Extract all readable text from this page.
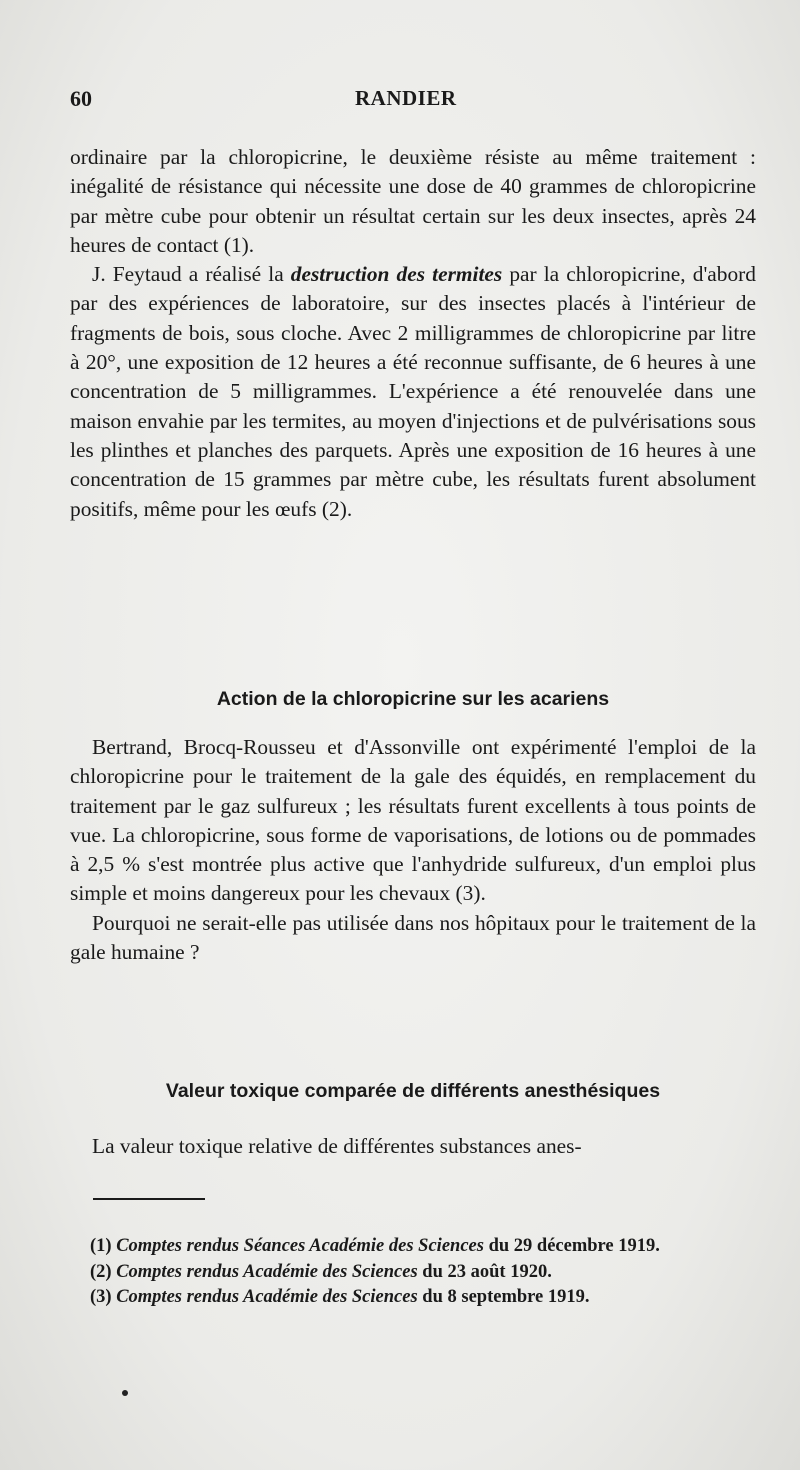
60	RANDIER

ordinaire par la chloropicrine, le deuxième résiste au même traitement : inégalité de résistance qui nécessite une dose de 40 grammes de chloropicrine par mètre cube pour obtenir un résultat certain sur les deux insectes, après 24 heures de contact (1).

J. Feytaud a réalisé la destruction des termites par la chloropicrine, d'abord par des expériences de laboratoire, sur des insectes placés à l'intérieur de fragments de bois, sous cloche. Avec 2 milligrammes de chloropicrine par litre à 20°, une exposition de 12 heures a été reconnue suffisante, de 6 heures à une concentration de 5 milligrammes. L'expérience a été renouvelée dans une maison envahie par les termites, au moyen d'injections et de pulvérisations sous les plinthes et planches des parquets. Après une exposition de 16 heures à une concentration de 15 grammes par mètre cube, les résultats furent absolument positifs, même pour les œufs (2).

Action de la chloropicrine sur les acariens

Bertrand, Brocq-Rousseu et d'Assonville ont expérimenté l'emploi de la chloropicrine pour le traitement de la gale des équidés, en remplacement du traitement par le gaz sulfureux ; les résultats furent excellents à tous points de vue. La chloropicrine, sous forme de vaporisations, de lotions ou de pommades à 2,5 % s'est montrée plus active que l'anhydride sulfureux, d'un emploi plus simple et moins dangereux pour les chevaux (3).

Pourquoi ne serait-elle pas utilisée dans nos hôpitaux pour le traitement de la gale humaine ?

Valeur toxique comparée de différents anesthésiques

La valeur toxique relative de différentes substances anes-

(1) Comptes rendus Séances Académie des Sciences du 29 décembre 1919.

(2) Comptes rendus Académie des Sciences du 23 août 1920.

(3) Comptes rendus Académie des Sciences du 8 septembre 1919.
